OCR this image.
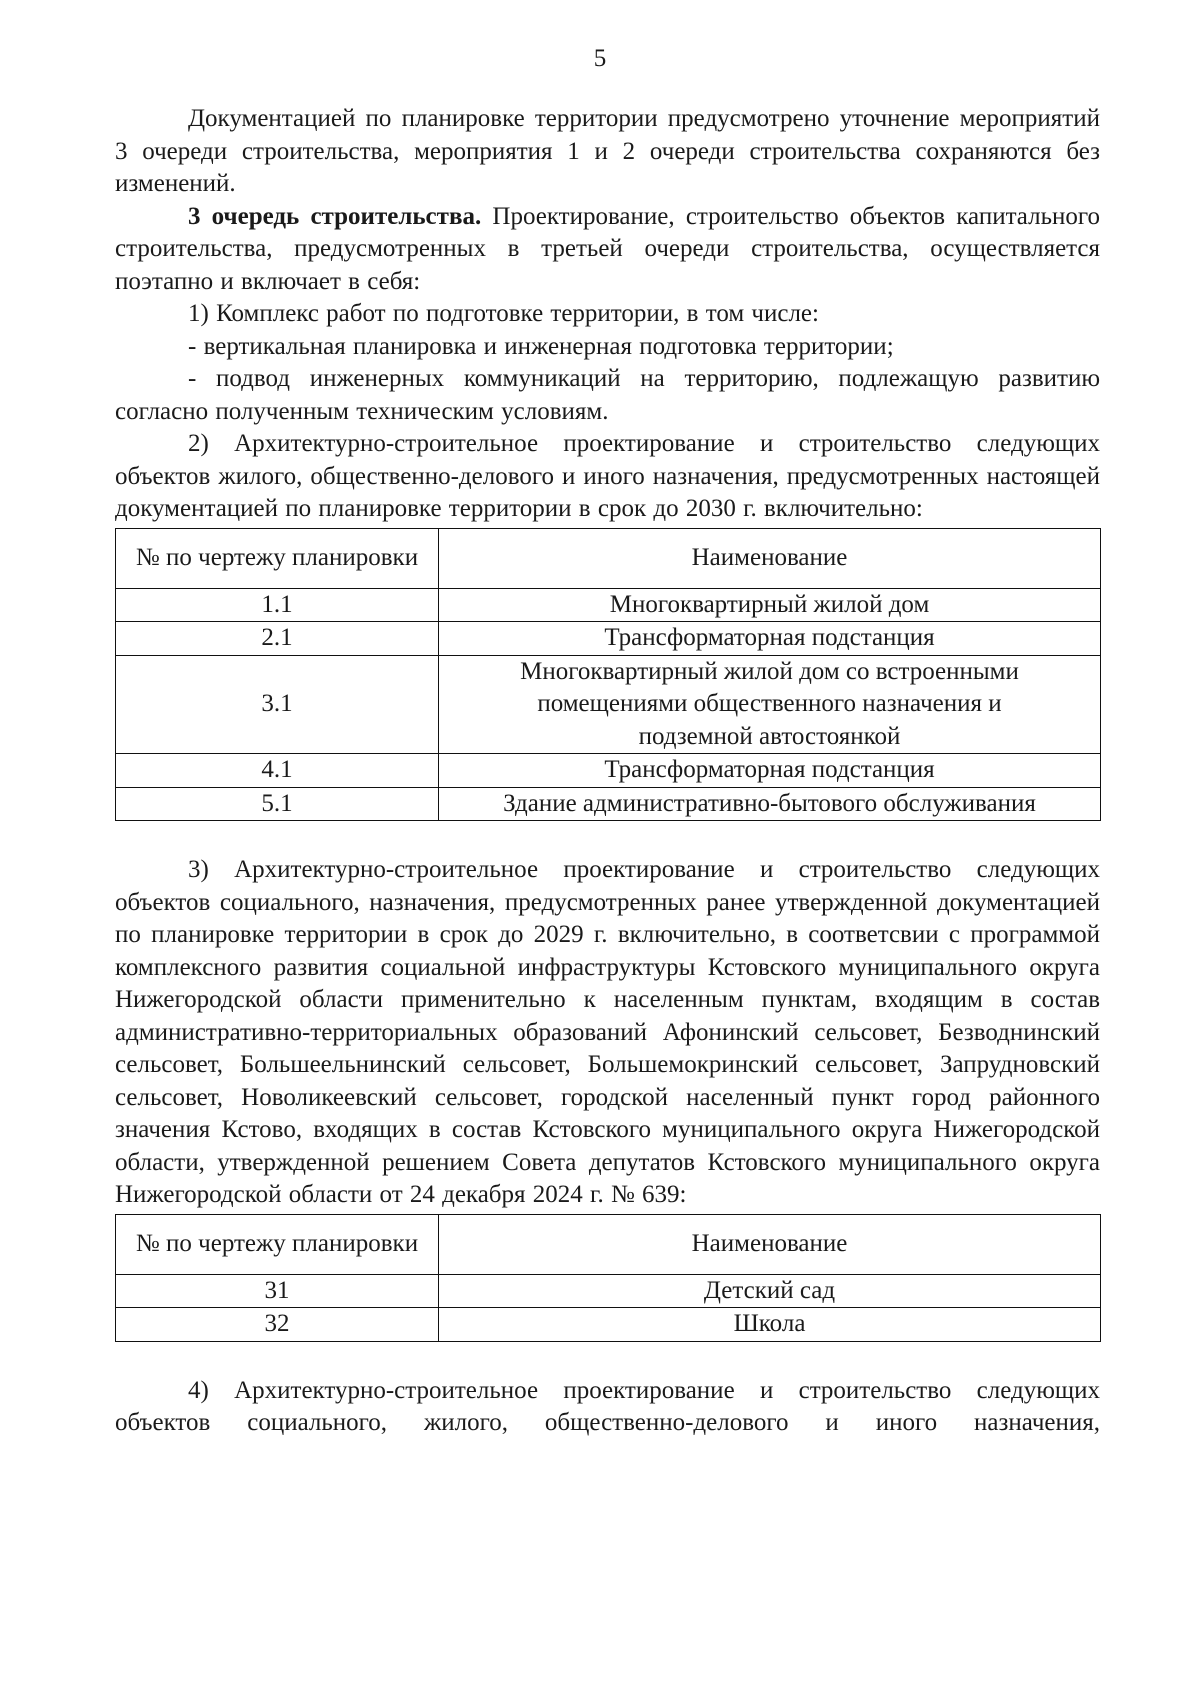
5

Документацией по планировке территории предусмотрено уточнение мероприятий 3 очереди строительства, мероприятия 1 и 2 очереди строительства сохраняются без изменений.

3 очередь строительства. Проектирование, строительство объектов капитального строительства, предусмотренных в третьей очереди строительства, осуществляется поэтапно и включает в себя:

1) Комплекс работ по подготовке территории, в том числе:

- вертикальная планировка и инженерная подготовка территории;

- подвод инженерных коммуникаций на территорию, подлежащую развитию согласно полученным техническим условиям.

2) Архитектурно-строительное проектирование и строительство следующих объектов жилого, общественно-делового и иного назначения, предусмотренных настоящей документацией по планировке территории в срок до 2030 г. включительно:

№ по чертежу планировки	Наименование
1.1	Многоквартирный жилой дом
2.1	Трансформаторная подстанция
3.1	Многоквартирный жилой дом со встроенными помещениями общественного назначения и подземной автостоянкой
4.1	Трансформаторная подстанция
5.1	Здание административно-бытового обслуживания

3) Архитектурно-строительное проектирование и строительство следующих объектов социального, назначения, предусмотренных ранее утвержденной документацией по планировке территории в срок до 2029 г. включительно, в соответсвии с программой комплексного развития социальной инфраструктуры Кстовского муниципального округа Нижегородской области применительно к населенным пунктам, входящим в состав административно-территориальных образований Афонинский сельсовет, Безводнинский сельсовет, Большеельнинский сельсовет, Большемокринский сельсовет, Запрудновский сельсовет, Новоликеевский сельсовет, городской населенный пункт город районного значения Кстово, входящих в состав Кстовского муниципального округа Нижегородской области, утвержденной решением Совета депутатов Кстовского муниципального округа Нижегородской области от 24 декабря 2024 г. № 639:

№ по чертежу планировки	Наименование
31	Детский сад
32	Школа

4) Архитектурно-строительное проектирование и строительство следующих объектов социального, жилого, общественно-делового и иного назначения,
